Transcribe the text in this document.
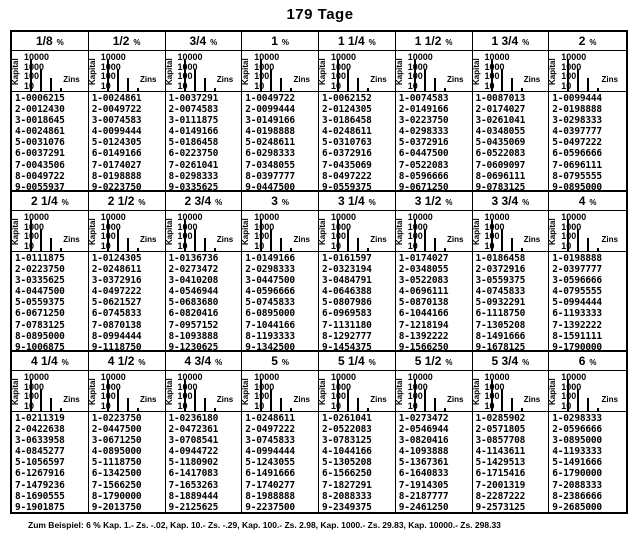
179 Tage
1/8 %
Kapital
10000
1000
100
10
Zins
1-0006215
2-0012430
3-0018645
4-0024861
5-0031076
6-0037291
7-0043506
8-0049722
9-0055937
1/2 %
Kapital
10000
1000
100
10
Zins
1-0024861
2-0049722
3-0074583
4-0099444
5-0124305
6-0149166
7-0174027
8-0198888
9-0223750
3/4 %
Kapital
10000
1000
100
10
Zins
1-0037291
2-0074583
3-0111875
4-0149166
5-0186458
6-0223750
7-0261041
8-0298333
9-0335625
1 %
Kapital
10000
1000
100
10
Zins
1-0049722
2-0099444
3-0149166
4-0198888
5-0248611
6-0298333
7-0348055
8-0397777
9-0447500
1 1/4 %
Kapital
10000
1000
100
10
Zins
1-0062152
2-0124305
3-0186458
4-0248611
5-0310763
6-0372916
7-0435069
8-0497222
9-0559375
1 1/2 %
Kapital
10000
1000
100
10
Zins
1-0074583
2-0149166
3-0223750
4-0298333
5-0372916
6-0447500
7-0522083
8-0596666
9-0671250
1 3/4 %
Kapital
10000
1000
100
10
Zins
1-0087013
2-0174027
3-0261041
4-0348055
5-0435069
6-0522083
7-0609097
8-0696111
9-0783125
2 %
Kapital
10000
1000
100
10
Zins
1-0099444
2-0198888
3-0298333
4-0397777
5-0497222
6-0596666
7-0696111
8-0795555
9-0895000
2 1/4 %
Kapital
10000
1000
100
10
Zins
1-0111875
2-0223750
3-0335625
4-0447500
5-0559375
6-0671250
7-0783125
8-0895000
9-1006875
2 1/2 %
Kapital
10000
1000
100
10
Zins
1-0124305
2-0248611
3-0372916
4-0497222
5-0621527
6-0745833
7-0870138
8-0994444
9-1118750
2 3/4 %
Kapital
10000
1000
100
10
Zins
1-0136736
2-0273472
3-0410208
4-0546944
5-0683680
6-0820416
7-0957152
8-1093888
9-1230625
3 %
Kapital
10000
1000
100
10
Zins
1-0149166
2-0298333
3-0447500
4-0596666
5-0745833
6-0895000
7-1044166
8-1193333
9-1342500
3 1/4 %
Kapital
10000
1000
100
10
Zins
1-0161597
2-0323194
3-0484791
4-0646388
5-0807986
6-0969583
7-1131180
8-1292777
9-1454375
3 1/2 %
Kapital
10000
1000
100
10
Zins
1-0174027
2-0348055
3-0522083
4-0696111
5-0870138
6-1044166
7-1218194
8-1392222
9-1566250
3 3/4 %
Kapital
10000
1000
100
10
Zins
1-0186458
2-0372916
3-0559375
4-0745833
5-0932291
6-1118750
7-1305208
8-1491666
9-1678125
4 %
Kapital
10000
1000
100
10
Zins
1-0198888
2-0397777
3-0596666
4-0795555
5-0994444
6-1193333
7-1392222
8-1591111
9-1790000
4 1/4 %
Kapital
10000
1000
100
10
Zins
1-0211319
2-0422638
3-0633958
4-0845277
5-1056597
6-1267916
7-1479236
8-1690555
9-1901875
4 1/2 %
Kapital
10000
1000
100
10
Zins
1-0223750
2-0447500
3-0671250
4-0895000
5-1118750
6-1342500
7-1566250
8-1790000
9-2013750
4 3/4 %
Kapital
10000
1000
100
10
Zins
1-0236180
2-0472361
3-0708541
4-0944722
5-1180902
6-1417083
7-1653263
8-1889444
9-2125625
5 %
Kapital
10000
1000
100
10
Zins
1-0248611
2-0497222
3-0745833
4-0994444
5-1243055
6-1491666
7-1740277
8-1988888
9-2237500
5 1/4 %
Kapital
10000
1000
100
10
Zins
1-0261041
2-0522083
3-0783125
4-1044166
5-1305208
6-1566250
7-1827291
8-2088333
9-2349375
5 1/2 %
Kapital
10000
1000
100
10
Zins
1-0273472
2-0546944
3-0820416
4-1093888
5-1367361
6-1640833
7-1914305
8-2187777
9-2461250
5 3/4 %
Kapital
10000
1000
100
10
Zins
1-0285902
2-0571805
3-0857708
4-1143611
5-1429513
6-1715416
7-2001319
8-2287222
9-2573125
6 %
Kapital
10000
1000
100
10
Zins
1-0298333
2-0596666
3-0895000
4-1193333
5-1491666
6-1790000
7-2088333
8-2386666
9-2685000
Zum Beispiel: 6 % Kap. 1.- Zs. -.02, Kap. 10.- Zs. -.29, Kap. 100.- Zs. 2.98, Kap. 1000.- Zs. 29.83, Kap. 10000.- Zs. 298.33
